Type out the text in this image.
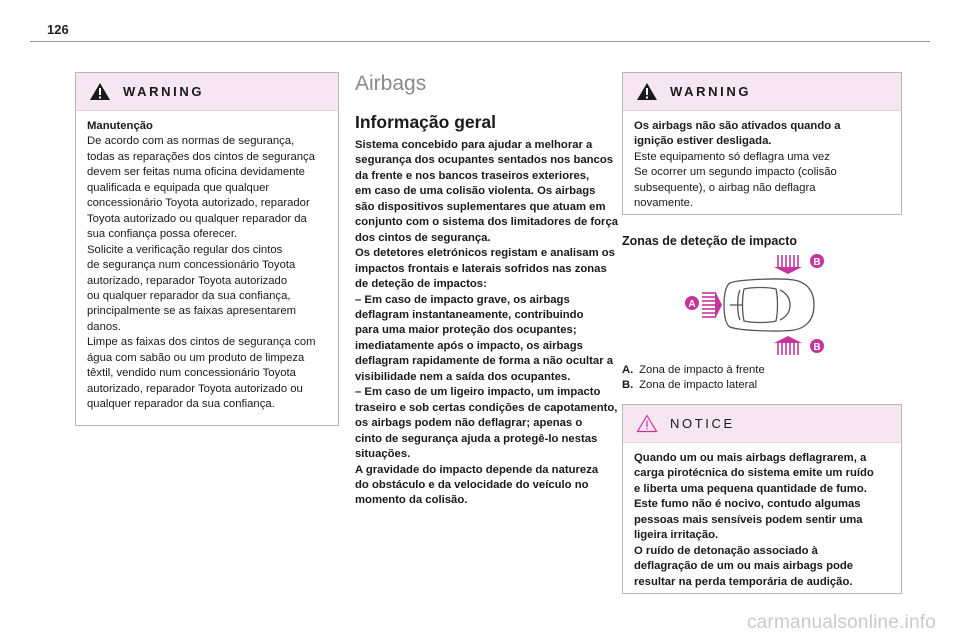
126
WARNING
Manutenção
De acordo com as normas de segurança,
todas as reparações dos cintos de segurança
devem ser feitas numa oficina devidamente
qualificada e equipada que qualquer
concessionário Toyota autorizado, reparador
Toyota autorizado ou qualquer reparador da
sua confiança possa oferecer.
Solicite a verificação regular dos cintos
de segurança num concessionário Toyota
autorizado, reparador Toyota autorizado
ou qualquer reparador da sua confiança,
principalmente se as faixas apresentarem
danos.
Limpe as faixas dos cintos de segurança com
água com sabão ou um produto de limpeza
têxtil, vendido num concessionário Toyota
autorizado, reparador Toyota autorizado ou
qualquer reparador da sua confiança.
Airbags
Informação geral
Sistema concebido para ajudar a melhorar a
segurança dos ocupantes sentados nos bancos
da frente e nos bancos traseiros exteriores,
em caso de uma colisão violenta. Os airbags
são dispositivos suplementares que atuam em
conjunto com o sistema dos limitadores de força
dos cintos de segurança.
Os detetores eletrónicos registam e analisam os
impactos frontais e laterais sofridos nas zonas
de deteção de impactos:
– Em caso de impacto grave, os airbags
deflagram instantaneamente, contribuindo
para uma maior proteção dos ocupantes;
imediatamente após o impacto, os airbags
deflagram rapidamente de forma a não ocultar a
visibilidade nem a saída dos ocupantes.
– Em caso de um ligeiro impacto, um impacto
traseiro e sob certas condições de capotamento,
os airbags podem não deflagrar; apenas o
cinto de segurança ajuda a protegê-lo nestas
situações.
A gravidade do impacto depende da natureza
do obstáculo e da velocidade do veículo no
momento da colisão.
WARNING
Os airbags não são ativados quando a
ignição estiver desligada.
Este equipamento só deflagra uma vez
Se ocorrer um segundo impacto (colisão
subsequente), o airbag não deflagra
novamente.
Zonas de deteção de impacto
A
B
B
A. Zona de impacto à frente
B. Zona de impacto lateral
NOTICE
Quando um ou mais airbags deflagrarem, a
carga pirotécnica do sistema emite um ruído
e liberta uma pequena quantidade de fumo.
Este fumo não é nocivo, contudo algumas
pessoas mais sensíveis podem sentir uma
ligeira irritação.
O ruído de detonação associado à
deflagração de um ou mais airbags pode
resultar na perda temporária de audição.
carmanualsonline.info
